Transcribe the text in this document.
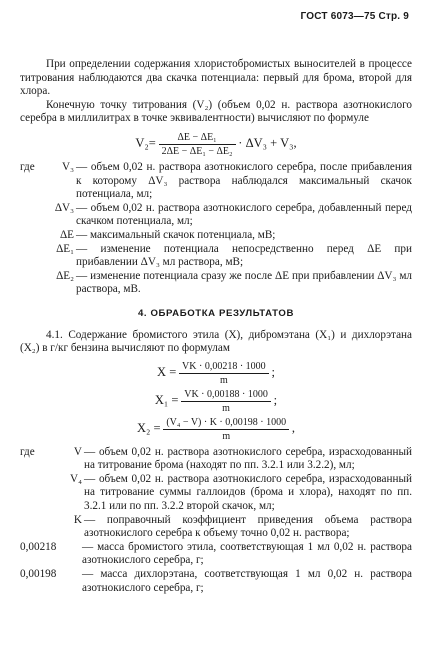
ГОСТ 6073—75 Стр. 9

При определении содержания хлористобромистых выносителей в процессе титрования наблюдаются два скачка потенциала: первый для брома, второй для хлора.

Конечную точку титрования (V₂) (объем 0,02 н. раствора азотнокислого серебра в миллилитрах в точке эквивалентности) вычисляют по формуле

$V_2= \frac{\text{ΔE − ΔE₁}}{\text{2ΔE − ΔE₁ − ΔE₂}} \cdot \Delta V_3 + V_3$,
где	V₃ — объем 0,02 н. раствора азотнокислого серебра, после прибавления к которому ΔV₃ раствора наблюдался максимальный скачок потенциала, мл;
ΔV₃ — объем 0,02 н. раствора азотнокислого серебра, добавленный перед скачком потенциала, мл;
ΔE — максимальный скачок потенциала, мВ;
ΔE₁ — изменение потенциала непосредственно перед ΔE при прибавлении ΔV₃ мл раствора, мВ;
ΔE₂ — изменение потенциала сразу же после ΔE при прибавлении ΔV₃ мл раствора, мВ.
4. ОБРАБОТКА РЕЗУЛЬТАТОВ

4.1. Содержание бромистого этила (X), дибромэтана (X₁) и дихлорэтана (X₂) в г/кг бензина вычисляют по формулам

$X = \frac{VK \cdot 0,00218 \cdot 1000}{m}$ ;
$X_1 = \frac{VK \cdot 0,00188 \cdot 1000}{m}$ ;
$X_2 = \frac{\text{(V₄ − V) · K · 0,00198 · 1000}}{m}$ ,
где	V — объем 0,02 н. раствора азотнокислого серебра, израсходованный на титрование брома (находят по пп. 3.2.1 или 3.2.2), мл;
V₄ — объем 0,02 н. раствора азотнокислого серебра, израсходованный на титрование суммы галлоидов (брома и хлора), находят по пп. 3.2.1 или по пп. 3.2.2 второй скачок, мл;
K — поправочный коэффициент приведения объема раствора азотнокислого серебра к объему точно 0,02 н. раствора;
0,00218	— масса бромистого этила, соответствующая 1 мл 0,02 н. раствора азотнокислого серебра, г;
0,00198	— масса дихлорэтана, соответствующая 1 мл 0,02 н. раствора азотнокислого серебра, г;
